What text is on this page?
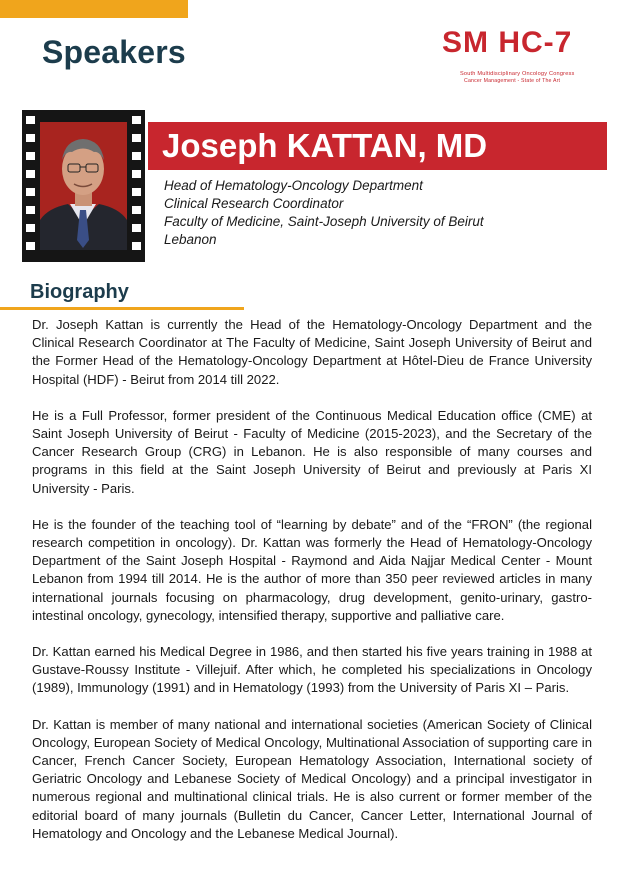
Speakers	SM HC-7
South Multidisciplinary Oncology Congress
Cancer Management - State of The Art
Joseph KATTAN, MD
Head of Hematology-Oncology Department
Clinical Research Coordinator
Faculty of Medicine, Saint-Joseph University of Beirut
Lebanon
Biography

Dr. Joseph Kattan is currently the Head of the Hematology-Oncology Department and the Clinical Research Coordinator at The Faculty of Medicine, Saint Joseph University of Beirut and the Former Head of the Hematology-Oncology Department at Hôtel-Dieu de France University Hospital (HDF) - Beirut from 2014 till 2022.

He is a Full Professor, former president of the Continuous Medical Education office (CME) at Saint Joseph University of Beirut - Faculty of Medicine (2015-2023), and the Secretary of the Cancer Research Group (CRG) in Lebanon. He is also responsible of many courses and programs in this field at the Saint Joseph University of Beirut and previously at Paris XI University - Paris.

He is the founder of the teaching tool of “learning by debate” and of the “FRON” (the regional research competition in oncology). Dr. Kattan was formerly the Head of Hematology-Oncology Department of the Saint Joseph Hospital - Raymond and Aida Najjar Medical Center - Mount Lebanon from 1994 till 2014. He is the author of more than 350 peer reviewed articles in many international journals focusing on pharmacology, drug development, genito-urinary, gastro-intestinal oncology, gynecology, intensified therapy, supportive and palliative care.

Dr. Kattan earned his Medical Degree in 1986, and then started his five years training in 1988 at Gustave-Roussy Institute - Villejuif. After which, he completed his specializations in Oncology (1989), Immunology (1991) and in Hematology (1993) from the University of Paris XI – Paris.

Dr. Kattan is member of many national and international societies (American Society of Clinical Oncology, European Society of Medical Oncology, Multinational Association of supporting care in Cancer, French Cancer Society, European Hematology Association, International society of Geriatric Oncology and Lebanese Society of Medical Oncology) and a principal investigator in numerous regional and multinational clinical trials. He is also current or former member of the editorial board of many journals (Bulletin du Cancer, Cancer Letter, International Journal of Hematology and Oncology and the Lebanese Medical Journal).
